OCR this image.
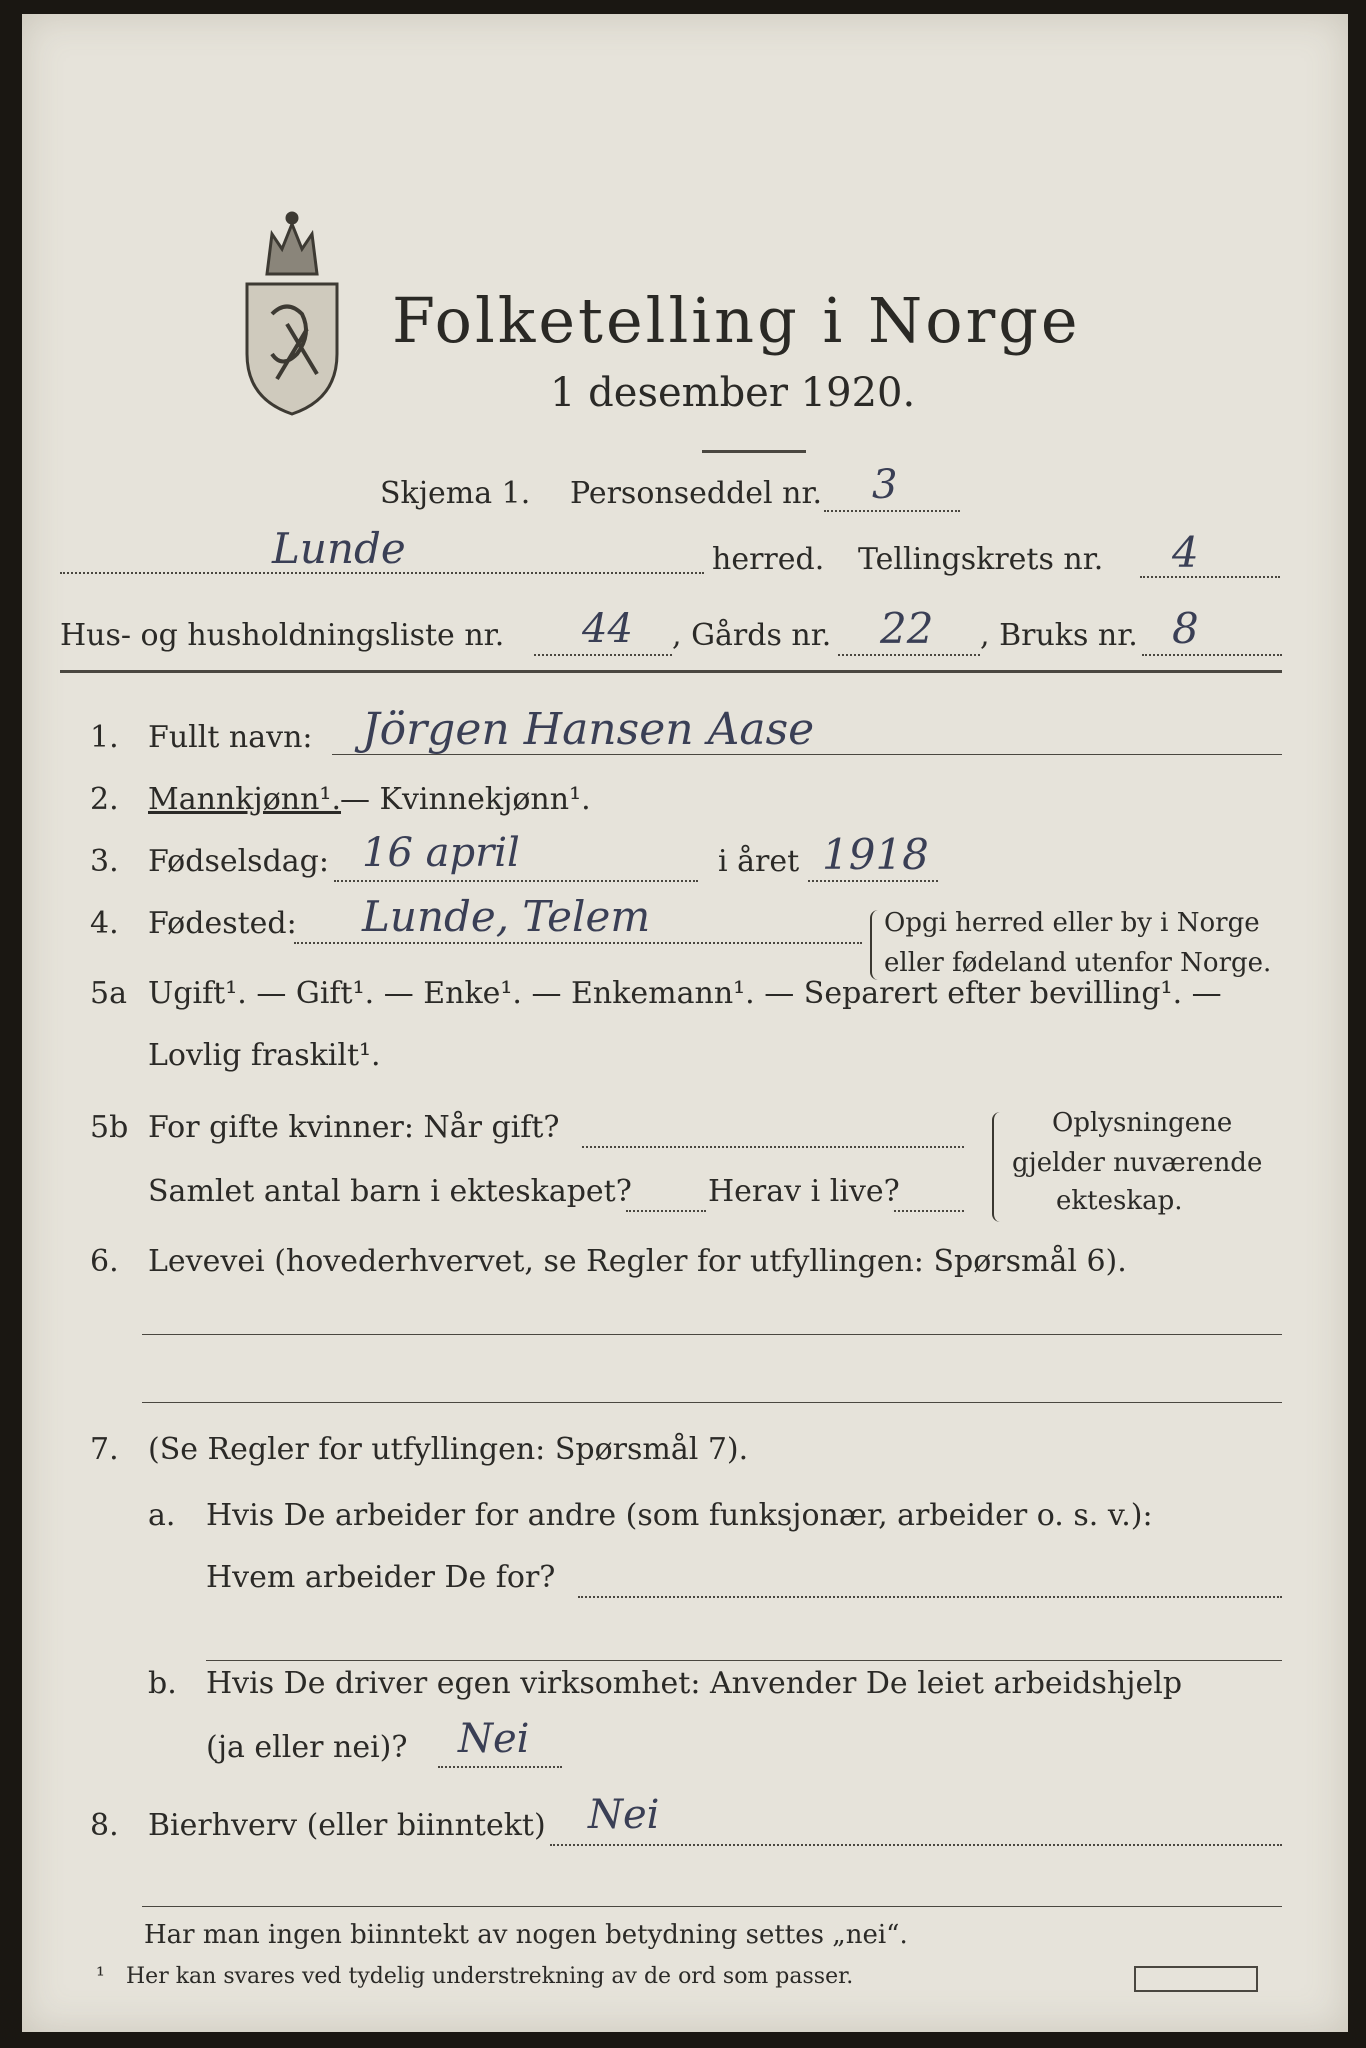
Folketelling i Norge
1 desember 1920.
Skjema 1. Personseddel nr. 3
Lunde	herred. Tellingskrets nr. 4
Hus- og husholdningsliste nr. 44 , Gårds nr. 22 , Bruks nr. 8
1. Fullt navn: Jörgen Hansen Aase
2. Mannkjønn¹. — Kvinnekjønn¹.
3. Fødselsdag: 16 april	i året 1918
4. Fødested: Lunde, Telem	Opgi herred eller by i Norge
eller fødeland utenfor Norge.
5a Ugift¹. — Gift¹. — Enke¹. — Enkemann¹. — Separert efter bevilling¹. —
Lovlig fraskilt¹.
5b For gifte kvinner: Når gift?
Samlet antal barn i ekteskapet?	Herav i live?
Oplysningene
gjelder nuværende
ekteskap.
6. Levevei (hovederhvervet, se Regler for utfyllingen: Spørsmål 6).
7. (Se Regler for utfyllingen: Spørsmål 7).
a. Hvis De arbeider for andre (som funksjonær, arbeider o. s. v.):
Hvem arbeider De for?
b. Hvis De driver egen virksomhet: Anvender De leiet arbeidshjelp
(ja eller nei)? Nei
8. Bierhverv (eller biinntekt) Nei
Har man ingen biinntekt av nogen betydning settes „nei“.
¹ Her kan svares ved tydelig understrekning av de ord som passer.
